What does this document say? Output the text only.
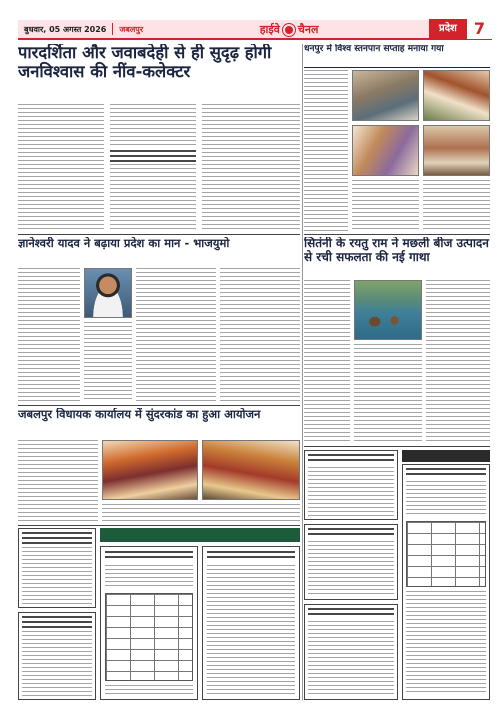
बुधवार, 05 अगस्त 2026	जबलपुर	हाईवे चैनल	प्रदेश	7
पारदर्शिता और जवाबदेही से ही सुदृढ़ होगी जनविश्वास की नींव-कलेक्टर
ज्ञानेश्वरी यादव ने बढ़ाया प्रदेश का मान - भाजयुमो
जबलपुर विधायक कार्यालय में सुंदरकांड का हुआ आयोजन
धनपुर में विश्व स्तनपान सप्ताह मनाया गया
सितंनी के रयतु राम ने मछली बीज उत्पादन से रची सफलता की नई गाथा
